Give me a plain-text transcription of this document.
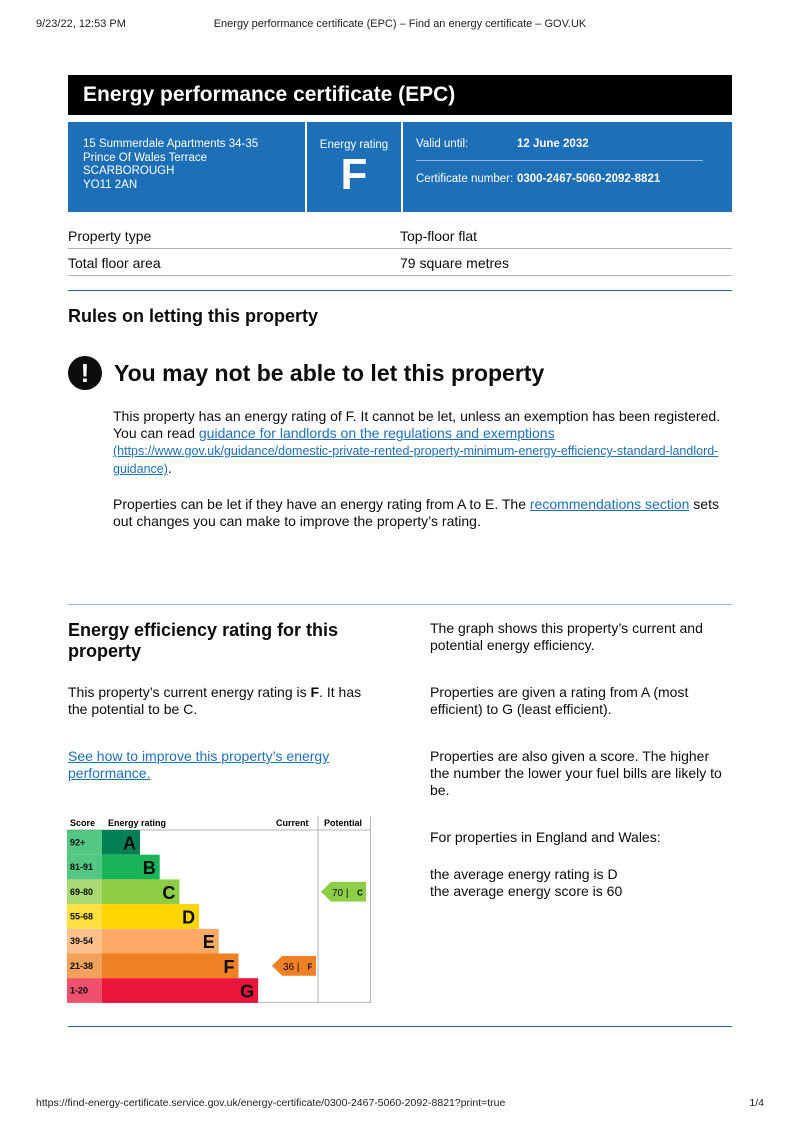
9/23/22, 12:53 PM	Energy performance certificate (EPC) – Find an energy certificate – GOV.UK
Energy performance certificate (EPC)
15 Summerdale Apartments 34-35
Prince Of Wales Terrace
SCARBOROUGH
YO11 2AN
Energy rating
F
Valid until:	12 June 2032
Certificate number: 0300-2467-5060-2092-8821
Property type	Top-floor flat
Total floor area	79 square metres
Rules on letting this property
!	You may not be able to let this property
This property has an energy rating of F. It cannot be let, unless an exemption has been registered. You can read guidance for landlords on the regulations and exemptions
(https://www.gov.uk/guidance/domestic-private-rented-property-minimum-energy-efficiency-standard-landlord-guidance).
Properties can be let if they have an energy rating from A to E. The recommendations section sets out changes you can make to improve the property’s rating.
Energy efficiency rating for this property
This property’s current energy rating is F. It has the potential to be C.
See how to improve this property’s energy performance.
The graph shows this property’s current and potential energy efficiency.
Properties are given a rating from A (most efficient) to G (least efficient).
Properties are also given a score. The higher the number the lower your fuel bills are likely to be.
For properties in England and Wales:
the average energy rating is D
the average energy score is 60
Score Energy rating	Current Potential
92+ A
81-91	B
69-80	C
55-68	D
39-54	E
21-38	F
1-20	G
36 | F
70 | C
https://find-energy-certificate.service.gov.uk/energy-certificate/0300-2467-5060-2092-8821?print=true	1/4
